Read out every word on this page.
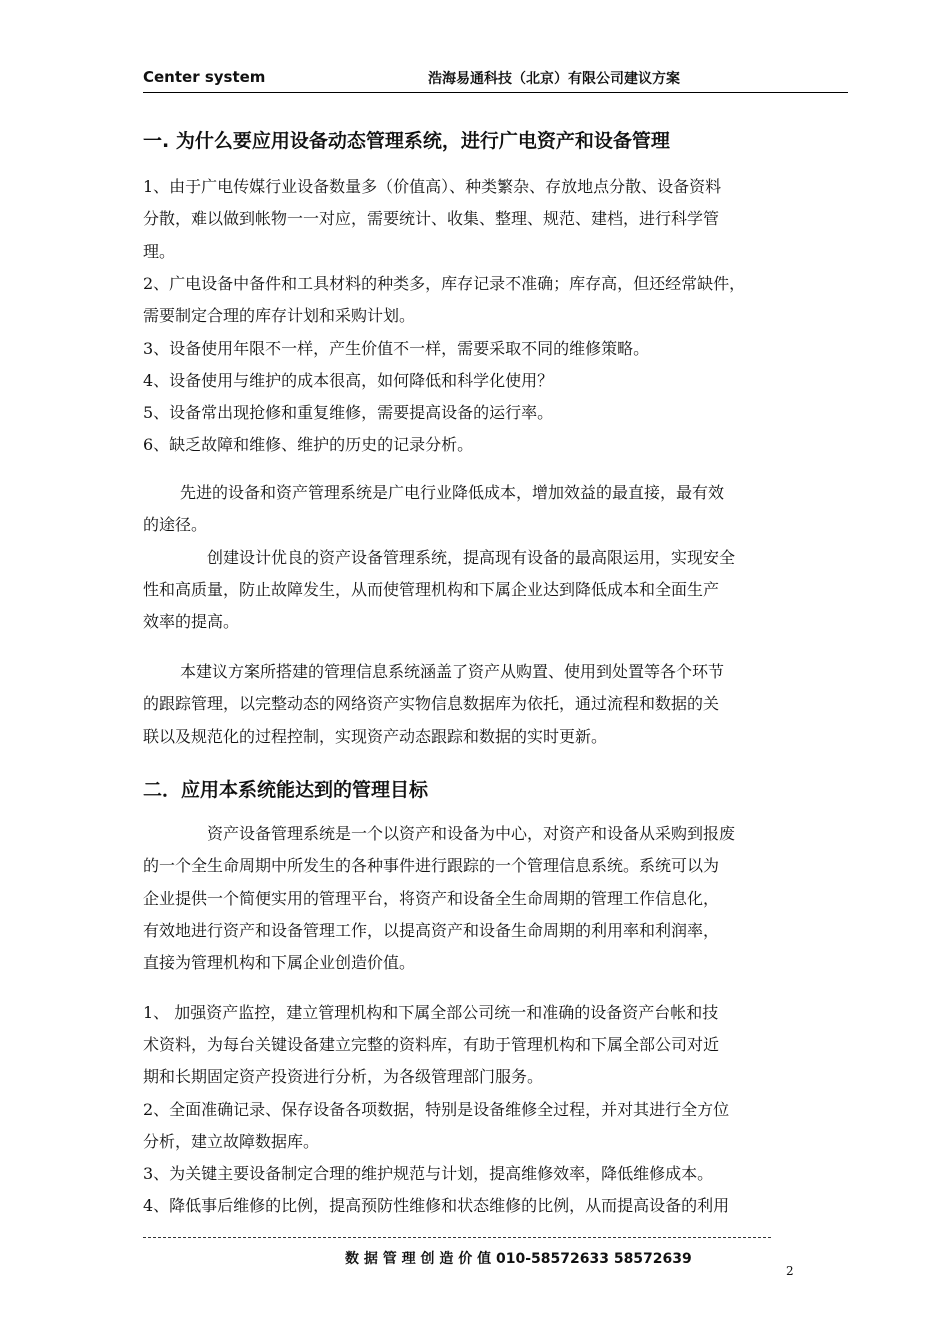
Center system	浩海易通科技（北京）有限公司建议方案
一. 为什么要应用设备动态管理系统，进行广电资产和设备管理
1、由于广电传媒行业设备数量多（价值高）、种类繁杂、存放地点分散、设备资料
分散，难以做到帐物一一对应，需要统计、收集、整理、规范、建档，进行科学管
理。
2、广电设备中备件和工具材料的种类多，库存记录不准确；库存高，但还经常缺件，
需要制定合理的库存计划和采购计划。
3、设备使用年限不一样，产生价值不一样，需要采取不同的维修策略。
4、设备使用与维护的成本很高，如何降低和科学化使用？
5、设备常出现抢修和重复维修，需要提高设备的运行率。
6、缺乏故障和维修、维护的历史的记录分析。
先进的设备和资产管理系统是广电行业降低成本，增加效益的最直接，最有效
的途径。
创建设计优良的资产设备管理系统，提高现有设备的最高限运用，实现安全
性和高质量，防止故障发生，从而使管理机构和下属企业达到降低成本和全面生产
效率的提高。
本建议方案所搭建的管理信息系统涵盖了资产从购置、使用到处置等各个环节
的跟踪管理，以完整动态的网络资产实物信息数据库为依托，通过流程和数据的关
联以及规范化的过程控制，实现资产动态跟踪和数据的实时更新。
二．应用本系统能达到的管理目标
资产设备管理系统是一个以资产和设备为中心，对资产和设备从采购到报废
的一个全生命周期中所发生的各种事件进行跟踪的一个管理信息系统。系统可以为
企业提供一个简便实用的管理平台，将资产和设备全生命周期的管理工作信息化，
有效地进行资产和设备管理工作，以提高资产和设备生命周期的利用率和利润率，
直接为管理机构和下属企业创造价值。
1、 加强资产监控，建立管理机构和下属全部公司统一和准确的设备资产台帐和技
术资料，为每台关键设备建立完整的资料库，有助于管理机构和下属全部公司对近
期和长期固定资产投资进行分析，为各级管理部门服务。
2、全面准确记录、保存设备各项数据，特别是设备维修全过程，并对其进行全方位
分析，建立故障数据库。
3、为关键主要设备制定合理的维护规范与计划，提高维修效率，降低维修成本。
4、降低事后维修的比例，提高预防性维修和状态维修的比例，从而提高设备的利用
数 据 管 理 创 造 价 值 010-58572633 58572639
2
